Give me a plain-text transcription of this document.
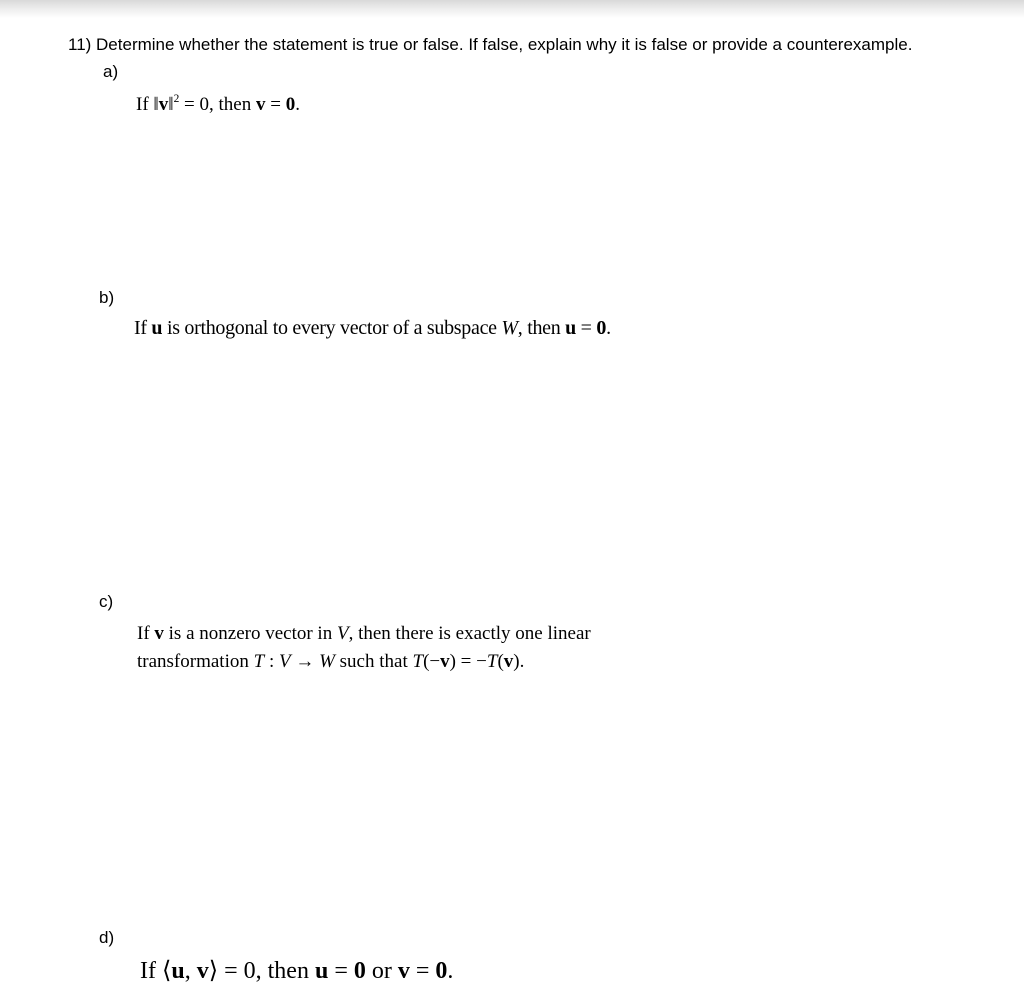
11) Determine whether the statement is true or false. If false, explain why it is false or provide a counterexample.
a)
If ‖v‖$^2$ = 0, then v = 0.
b)
If u is orthogonal to every vector of a subspace W, then u = 0.
c)
If v is a nonzero vector in V, then there is exactly one linear
transformation T : V → W such that T(−v) = −T(v).
d)
If ⟨u, v⟩ = 0, then u = 0 or v = 0.
